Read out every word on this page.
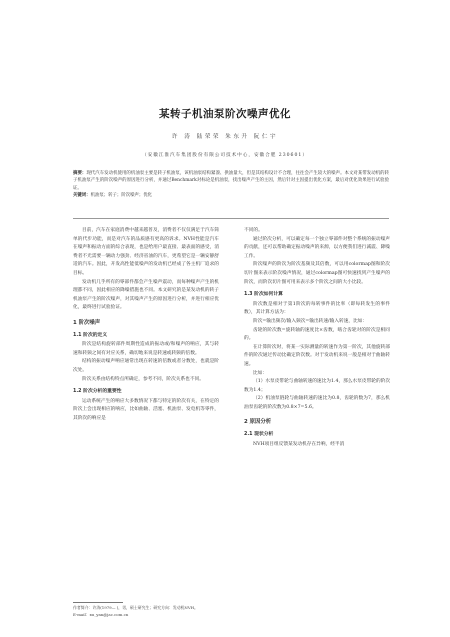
某转子机油泵阶次噪声优化
许 涛 陆荣荣 朱东升 阮仁宇
（安徽江淮汽车集团股份有限公司技术中心，安徽合肥 230601）
摘要：现代汽车发动机使用的机油泵主要是转子机油泵，该机油泵结构紧凑、供油量大，但是其结构设计不合理，往往会产生较大的噪声。本文对某带发动机的转子机油泵产生的阶次噪声的原因进行分析，并通过Benchmark对标论是机油泵，找出噪声产生的主因，然后针对主因提出优化方案，最后对优化效果进行试验验证。
关键词：机油泵；转子；阶次噪声；优化

目前，汽车在家庭消费中越来越普及，消费者不仅仅满足于汽车简单的代步功能，而是对汽车的品质感有更高的诉求。NVH性能是汽车在噪声和振动方面的综合表现，也是给用户最直接、最表面的感受，消费者不光需要一辆动力强劲、经济省油的汽车，更希望它是一辆安静舒适的汽车。因此，开发高性能低噪声的发动机已经成了各主机厂追求的目标。

发动机几乎所有的零部件都会产生噪声震动，而每种噪声产生的机理都不同，因此相应的降噪措施也不同。本文研究的是某发动机的转子机油泵产生的阶次噪声，对其噪声产生的原因进行分析，并进行相应优化，最终进行试验验证。

1 阶次噪声
1.1 阶次的定义

阶次是结构旋转部件周期性造成的振动或/和噪声的响应，其与转速和转频之间有对应关系，确切地来说是转速或转频的倍数。

结构的振动噪声响应通常出现在转速的倍数或者分数处，也就是阶次处。

阶次关系由结构特点所确定，参考不同，阶次关系也不同。

1.2 阶次分析的重要性

运动系统产生的响应大多数情况下都与特定的阶次有关，在特定的阶次上会出现相应的响应，比如曲轴、活塞、机油泵、发电机等零件，其阶次的响应是

不同的。

通过阶次分析，可以确定每一个独立零部件对整个系统的振动噪声的贡献，还可以帮助确定振动噪声的来源，以方便我们进行减震、降噪工作。

阶次噪声的阶次为阶次基频及其倍数，可以用colormap图和阶次切片图来表示阶次噪声情况，通过colormap图可快速找到产生噪声的阶次，而阶次切片图可用来表示多个阶次之间的大小比较。

1.3 阶次如何计算

阶次数是相对于第1阶次的每转事件的比率（即每转发生的事件数），其计算方法为：

阶次=输出频次/输入频次=输出转速/输入转速，比如：

齿轮的阶次数=旋转轴的速度比×齿数，啮合齿轮对的阶次是相同的。

在计算阶次时，将某一实际测量的转速作为第一阶次，其他旋转部件的阶次通过传动比确定阶次数。对于发动机来说一般是相对于曲轴转速。

比如：

（1）水泵皮带轮与曲轴转速的速比为1.4，那么水泵皮带轮的阶次数为1.4；

（2）机油泵链轮与曲轴转速的速比为0.8，齿轮的数为7，那么机油泵齿轮的阶次数为0.8×7=5.6。

2 原因分析
2.1 现状分析

NVH项目组反馈某发动机存在异响，经半消

作者简介：许涛(1979— )，男，硕士研究生；研究方向：发动机NVH。
E-mail：xu_yan@jac.com.cn
